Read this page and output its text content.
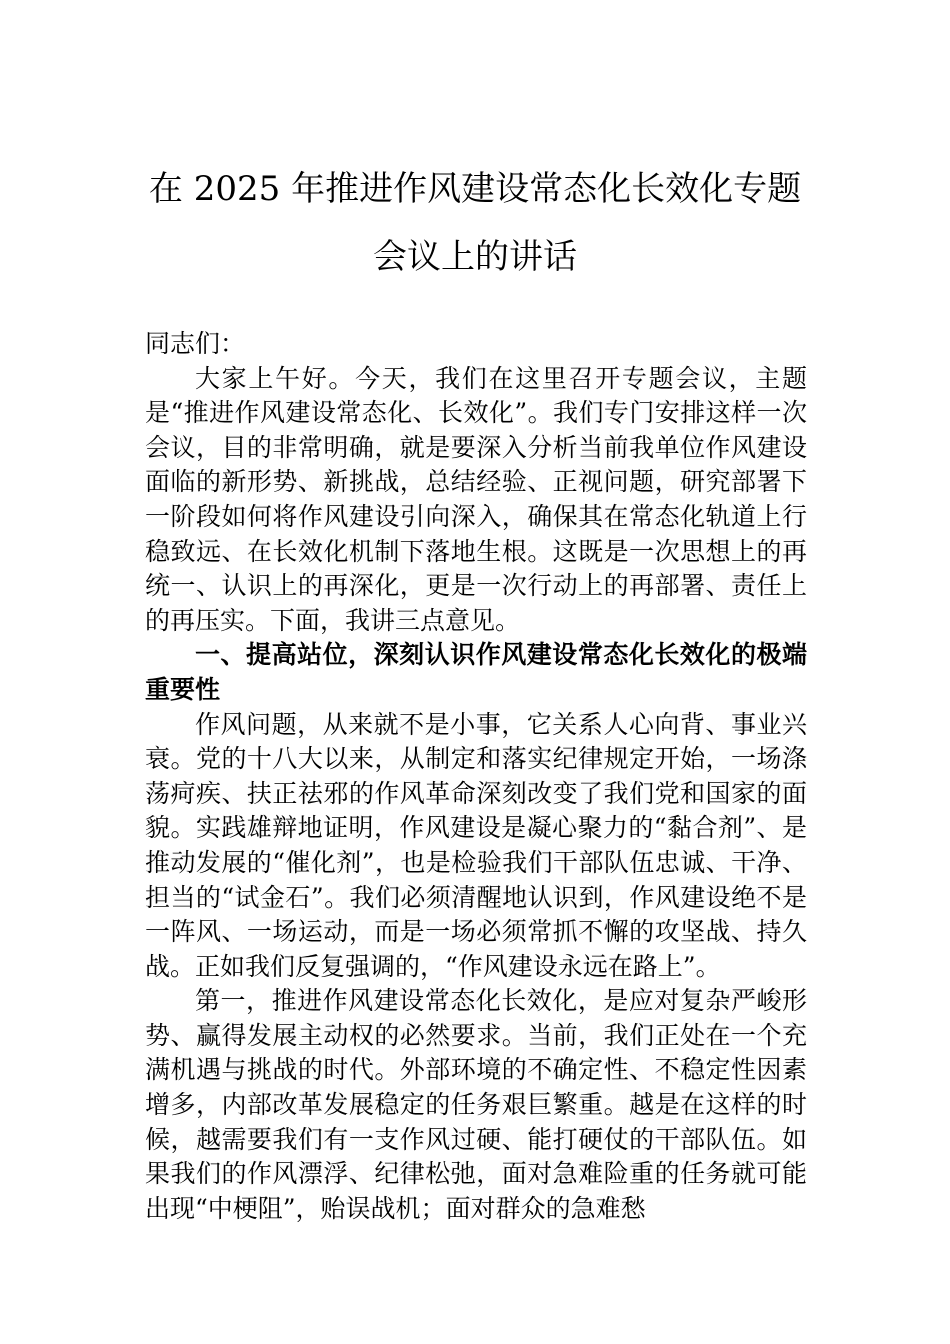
在 2025 年推进作风建设常态化长效化专题
会议上的讲话

同志们：

大家上午好。今天，我们在这里召开专题会议，主题是“推进作风建设常态化、长效化”。我们专门安排这样一次会议，目的非常明确，就是要深入分析当前我单位作风建设面临的新形势、新挑战，总结经验、正视问题，研究部署下一阶段如何将作风建设引向深入，确保其在常态化轨道上行稳致远、在长效化机制下落地生根。这既是一次思想上的再统一、认识上的再深化，更是一次行动上的再部署、责任上的再压实。下面，我讲三点意见。

一、提高站位，深刻认识作风建设常态化长效化的极端重要性

作风问题，从来就不是小事，它关系人心向背、事业兴衰。党的十八大以来，从制定和落实纪律规定开始，一场涤荡疴疾、扶正祛邪的作风革命深刻改变了我们党和国家的面貌。实践雄辩地证明，作风建设是凝心聚力的“黏合剂”、是推动发展的“催化剂”，也是检验我们干部队伍忠诚、干净、担当的“试金石”。我们必须清醒地认识到，作风建设绝不是一阵风、一场运动，而是一场必须常抓不懈的攻坚战、持久战。正如我们反复强调的，“作风建设永远在路上”。

第一，推进作风建设常态化长效化，是应对复杂严峻形势、赢得发展主动权的必然要求。当前，我们正处在一个充满机遇与挑战的时代。外部环境的不确定性、不稳定性因素增多，内部改革发展稳定的任务艰巨繁重。越是在这样的时候，越需要我们有一支作风过硬、能打硬仗的干部队伍。如果我们的作风漂浮、纪律松弛，面对急难险重的任务就可能出现“中梗阻”，贻误战机；面对群众的急难愁
